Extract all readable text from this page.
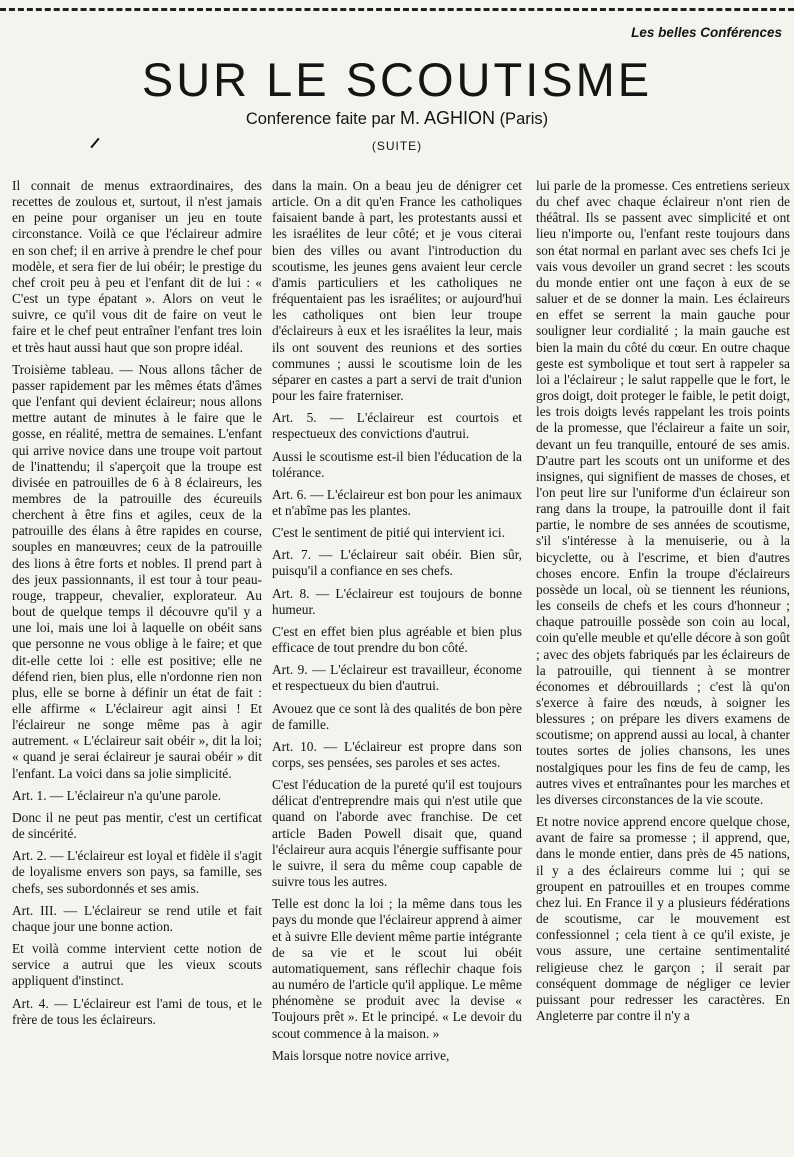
Les belles Conférences
SUR LE SCOUTISME
Conference faite par M. AGHION (Paris)
(SUITE)

Il connait de menus extraordinaires, des recettes de zoulous et, surtout, il n'est jamais en peine pour organiser un jeu en toute circonstance. Voilà ce que l'éclaireur admire en son chef; il en arrive à prendre le chef pour modèle, et sera fier de lui obéir; le prestige du chef croit peu à peu et l'enfant dit de lui : « C'est un type épatant ». Alors on veut le suivre, ce qu'il vous dit de faire on veut le faire et le chef peut entraîner l'enfant tres loin et très haut aussi haut que son propre idéal.

Troisième tableau. — Nous allons tâcher de passer rapidement par les mêmes états d'âmes que l'enfant qui devient éclaireur; nous allons mettre autant de minutes à le faire que le gosse, en réalité, mettra de semaines. L'enfant qui arrive novice dans une troupe voit partout de l'inattendu; il s'aperçoit que la troupe est divisée en patrouilles de 6 à 8 éclaireurs, les membres de la patrouille des écureuils cherchent à être fins et agiles, ceux de la patrouille des élans à être rapides en course, souples en manœuvres; ceux de la patrouille des lions à être forts et nobles. Il prend part à des jeux passionnants, il est tour à tour peau-rouge, trappeur, chevalier, explorateur. Au bout de quelque temps il découvre qu'il y a une loi, mais une loi à laquelle on obéit sans que personne ne vous oblige à le faire; et que dit-elle cette loi : elle est positive; elle ne défend rien, bien plus, elle n'ordonne rien non plus, elle se borne à définir un état de fait : elle affirme « L'éclaireur agit ainsi ! Et l'éclaireur ne songe même pas à agir autrement. « L'éclaireur sait obéir », dit la loi; « quand je serai éclaireur je saurai obéir » dit l'enfant. La voici dans sa jolie simplicité.

Art. 1. — L'éclaireur n'a qu'une parole.

Donc il ne peut pas mentir, c'est un certificat de sincérité.

Art. 2. — L'éclaireur est loyal et fidèle il s'agit de loyalisme envers son pays, sa famille, ses chefs, ses subordonnés et ses amis.

Art. III. — L'éclaireur se rend utile et fait chaque jour une bonne action.

Et voilà comme intervient cette notion de service a autrui que les vieux scouts appliquent d'instinct.

Art. 4. — L'éclaireur est l'ami de tous, et le frère de tous les éclaireurs.

dans la main. On a beau jeu de dénigrer cet article. On a dit qu'en France les catholiques faisaient bande à part, les protestants aussi et les israélites de leur côté; et je vous citerai bien des villes ou avant l'introduction du scoutisme, les jeunes gens avaient leur cercle d'amis particuliers et les catholiques ne fréquentaient pas les israélites; or aujourd'hui les catholiques ont bien leur troupe d'éclaireurs à eux et les israélites la leur, mais ils ont souvent des reunions et des sorties communes ; aussi le scoutisme loin de les séparer en castes a part a servi de trait d'union pour les faire fraterniser.

Art. 5. — L'éclaireur est courtois et respectueux des convictions d'autrui.

Aussi le scoutisme est-il bien l'éducation de la tolérance.

Art. 6. — L'éclaireur est bon pour les animaux et n'abîme pas les plantes.

C'est le sentiment de pitié qui intervient ici.

Art. 7. — L'éclaireur sait obéir. Bien sûr, puisqu'il a confiance en ses chefs.

Art. 8. — L'éclaireur est toujours de bonne humeur.

C'est en effet bien plus agréable et bien plus efficace de tout prendre du bon côté.

Art. 9. — L'éclaireur est travailleur, économe et respectueux du bien d'autrui.

Avouez que ce sont là des qualités de bon père de famille.

Art. 10. — L'éclaireur est propre dans son corps, ses pensées, ses paroles et ses actes.

C'est l'éducation de la pureté qu'il est toujours délicat d'entreprendre mais qui n'est utile que quand on l'aborde avec franchise. De cet article Baden Powell disait que, quand l'éclaireur aura acquis l'énergie suffisante pour le suivre, il sera du même coup capable de suivre tous les autres.

Telle est donc la loi ; la même dans tous les pays du monde que l'éclaireur apprend à aimer et à suivre Elle devient même partie intégrante de sa vie et le scout lui obéit automatiquement, sans réflechir chaque fois au numéro de l'article qu'il applique. Le même phénomène se produit avec la devise « Toujours prêt ». Et le principé. « Le devoir du scout commence à la maison. »

Mais lorsque notre novice arrive,

lui parle de la promesse. Ces entretiens serieux du chef avec chaque éclaireur n'ont rien de théâtral. Ils se passent avec simplicité et ont lieu n'importe ou, l'enfant reste toujours dans son état normal en parlant avec ses chefs Ici je vais vous devoiler un grand secret : les scouts du monde entier ont une façon à eux de se saluer et de se donner la main. Les éclaireurs en effet se serrent la main gauche pour souligner leur cordialité ; la main gauche est bien la main du côté du cœur. En outre chaque geste est symbolique et tout sert à rappeler sa loi a l'éclaireur ; le salut rappelle que le fort, le gros doigt, doit proteger le faible, le petit doigt, les trois doigts levés rappelant les trois points de la promesse, que l'éclaireur a faite un soir, devant un feu tranquille, entouré de ses amis. D'autre part les scouts ont un uniforme et des insignes, qui signifient de masses de choses, et l'on peut lire sur l'uniforme d'un éclaireur son rang dans la troupe, la patrouille dont il fait partie, le nombre de ses années de scoutisme, s'il s'intéresse à la menuiserie, ou à la bicyclette, ou à l'escrime, et bien d'autres choses encore. Enfin la troupe d'éclaireurs possède un local, où se tiennent les réunions, les conseils de chefs et les cours d'honneur ; chaque patrouille possède son coin au local, coin qu'elle meuble et qu'elle décore à son goût ; avec des objets fabriqués par les éclaireurs de la patrouille, qui tiennent à se montrer économes et débrouillards ; c'est là qu'on s'exerce à faire des nœuds, à soigner les blessures ; on prépare les divers examens de scoutisme; on apprend aussi au local, à chanter toutes sortes de jolies chansons, les unes nostalgiques pour les fins de feu de camp, les autres vives et entraînantes pour les marches et les diverses circonstances de la vie scoute.

Et notre novice apprend encore quelque chose, avant de faire sa promesse ; il apprend, que, dans le monde entier, dans près de 45 nations, il y a des éclaireurs comme lui ; qui se groupent en patrouilles et en troupes comme chez lui. En France il y a plusieurs fédérations de scoutisme, car le mouvement est confessionnel ; cela tient à ce qu'il existe, je vous assure, une certaine sentimentalité religieuse chez le garçon ; il serait par conséquent dommage de négliger ce levier puissant pour redresser les caractères. En Angleterre par contre il n'y a
